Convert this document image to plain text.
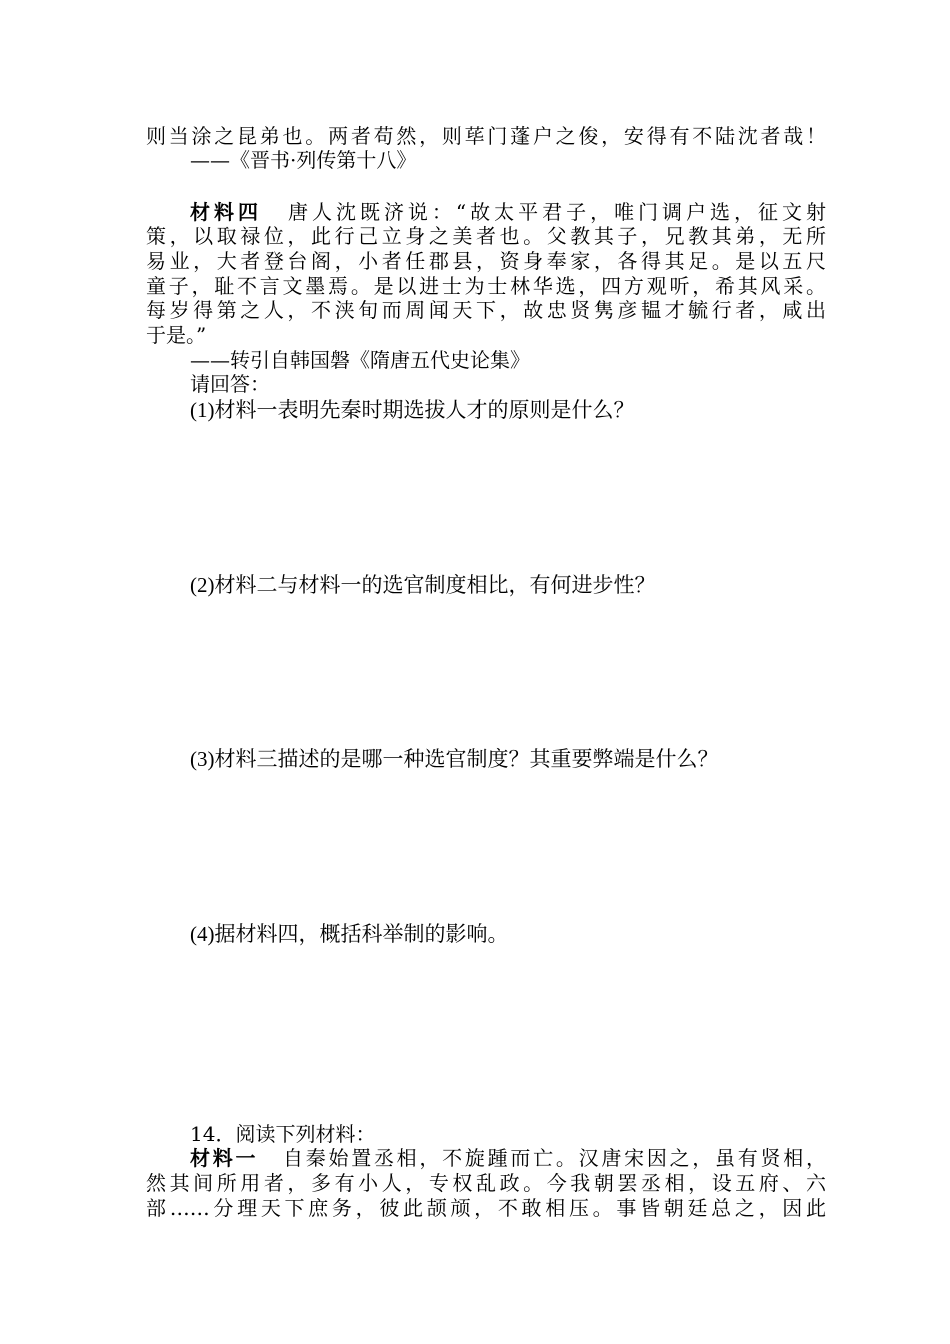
则当涂之昆弟也。两者苟然，则荜门蓬户之俊，安得有不陆沈者哉！
——《晋书·列传第十八》
材料四 唐人沈既济说：“故太平君子，唯门调户选，征文射
策，以取禄位，此行己立身之美者也。父教其子，兄教其弟，无所
易业，大者登台阁，小者任郡县，资身奉家，各得其足。是以五尺
童子，耻不言文墨焉。是以进士为士林华选，四方观听，希其风采。
每岁得第之人，不浃旬而周闻天下，故忠贤隽彦韫才毓行者，咸出
于是。”
——转引自韩国磐《隋唐五代史论集》
请回答：
(1)材料一表明先秦时期选拔人才的原则是什么？
(2)材料二与材料一的选官制度相比，有何进步性？
(3)材料三描述的是哪一种选官制度？其重要弊端是什么？
(4)据材料四，概括科举制的影响。
14．阅读下列材料：
材料一 自秦始置丞相，不旋踵而亡。汉唐宋因之，虽有贤相，
然其间所用者，多有小人，专权乱政。今我朝罢丞相，设五府、六
部……分理天下庶务，彼此颉颃，不敢相压。事皆朝廷总之，因此
